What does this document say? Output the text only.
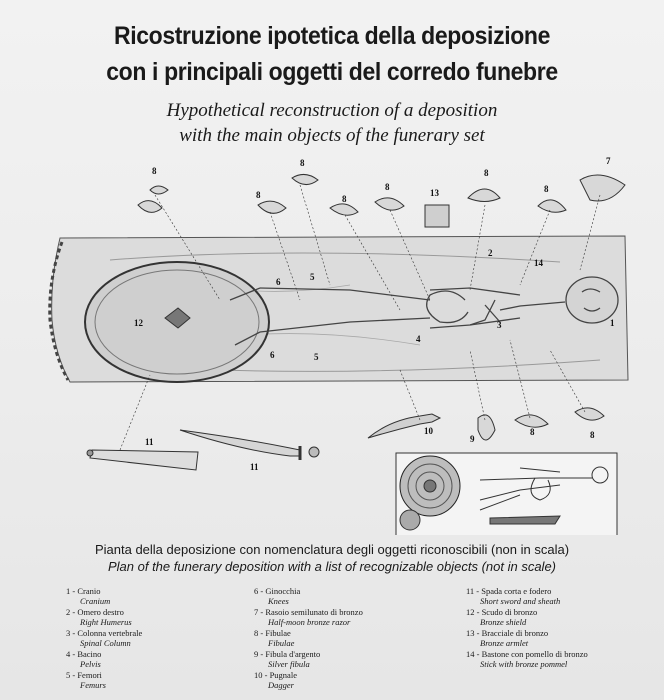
Ricostruzione ipotetica della deposizione
con i principali oggetti del corredo funebre
Hypothetical reconstruction of a deposition
with the main objects of the funerary set
8
8
8
8
8
13
8
8
7
12
6
6
5
5
4
3
2
14
1
10
11
11
9
8	8
Pianta della deposizione con nomenclatura degli oggetti riconoscibili (non in scala)
Plan of the funerary deposition with a list of recognizable objects (not in scale)
1 - Cranio
Cranium
2 - Omero destro
Right Humerus
3 - Colonna vertebrale
Spinal Column
4 - Bacino
Pelvis
5 - Femori
Femurs
6 - Ginocchia
Knees
7 - Rasoio semilunato di bronzo
Half-moon bronze razor
8 - Fibulae
Fibulae
9 - Fibula d'argento
Silver fibula
10 - Pugnale
Dagger
11 - Spada corta e fodero
Short sword and sheath
12 - Scudo di bronzo
Bronze shield
13 - Bracciale di bronzo
Bronze armlet
14 - Bastone con pomello di bronzo
Stick with bronze pommel
